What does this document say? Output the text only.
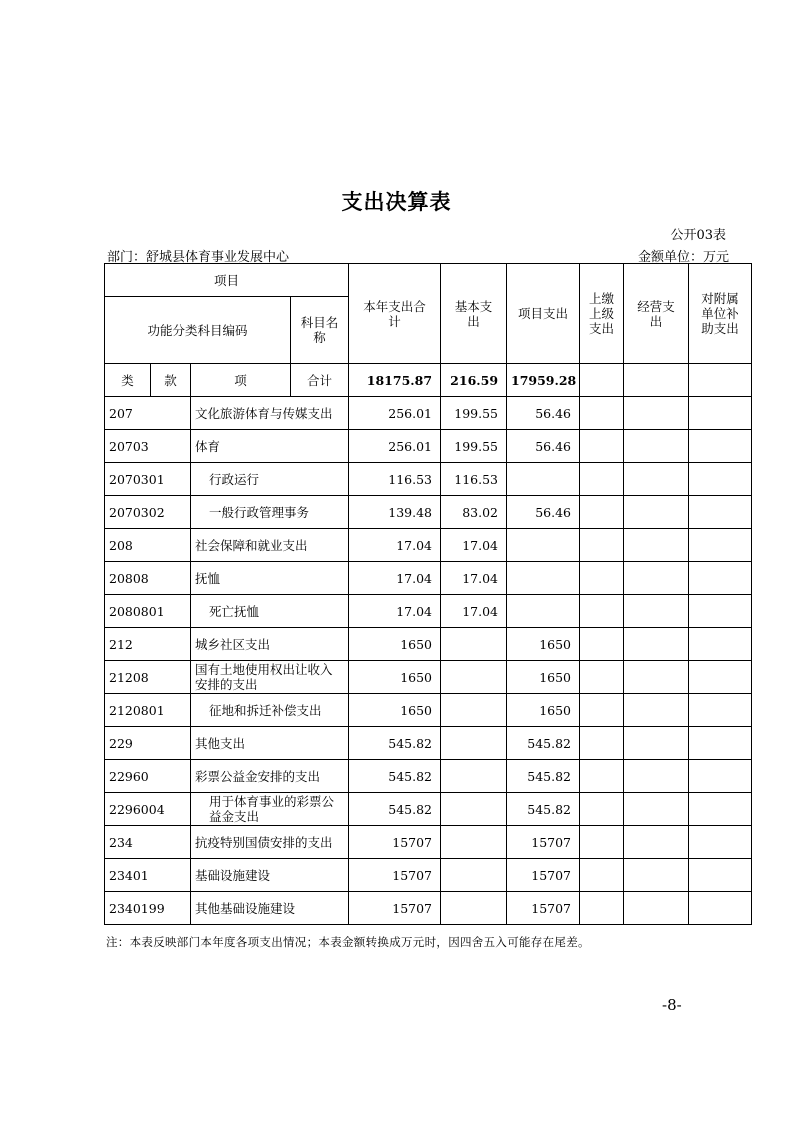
支出决算表
公开03表
部门：舒城县体育事业发展中心	金额单位：万元
项目				本年支出合计	基本支出	项目支出	上缴上级支出	经营支出	对附属单位补助支出
功能分类科目编码			科目名称						
类	款	项	合计	18175.87	216.59	17959.28			
207		文化旅游体育与传媒支出		256.01	199.55	56.46			
20703		体育		256.01	199.55	56.46			
2070301		行政运行		116.53	116.53				
2070302		一般行政管理事务		139.48	83.02	56.46			
208		社会保障和就业支出		17.04	17.04				
20808		抚恤		17.04	17.04				
2080801		死亡抚恤		17.04	17.04				
212		城乡社区支出		1650		1650			
21208		国有土地使用权出让收入安排的支出		1650		1650			
2120801		征地和拆迁补偿支出		1650		1650			
229		其他支出		545.82		545.82			
22960		彩票公益金安排的支出		545.82		545.82			
2296004		用于体育事业的彩票公益金支出		545.82		545.82			
234		抗疫特别国债安排的支出		15707		15707			
23401		基础设施建设		15707		15707			
2340199		其他基础设施建设		15707		15707			
注：本表反映部门本年度各项支出情况；本表金额转换成万元时，因四舍五入可能存在尾差。
-8-
